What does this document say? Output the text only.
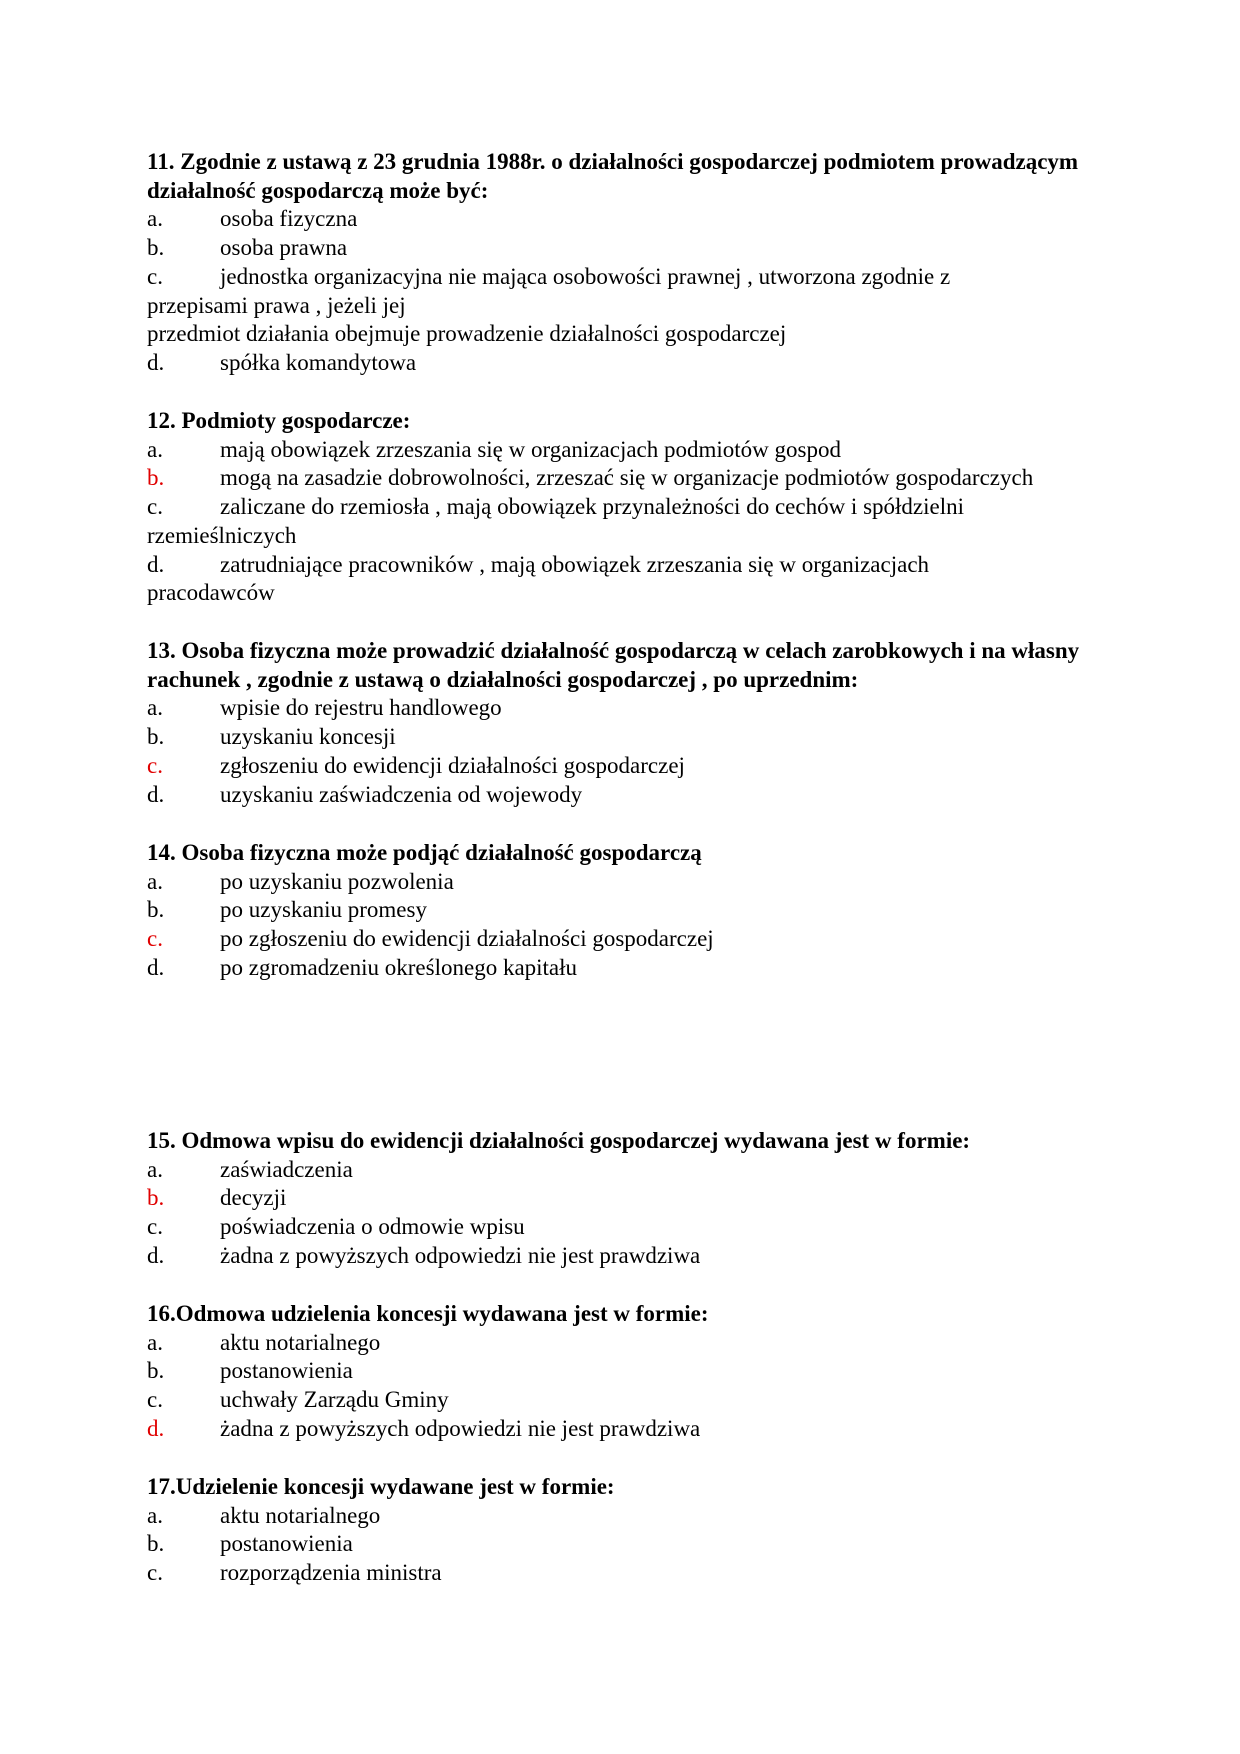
11. Zgodnie z ustawą z 23 grudnia 1988r. o działalności gospodarczej podmiotem prowadzącym działalność gospodarczą może być:
a.	osoba fizyczna
b.	osoba prawna
c.	jednostka organizacyjna nie mająca osobowości prawnej , utworzona zgodnie z
przepisami prawa , jeżeli jej
przedmiot działania obejmuje prowadzenie działalności gospodarczej
d.	spółka komandytowa
12. Podmioty gospodarcze:
a.	mają obowiązek zrzeszania się w organizacjach podmiotów gospod
b.	mogą na zasadzie dobrowolności, zrzeszać się w organizacje podmiotów gospodarczych
c.	zaliczane do rzemiosła , mają obowiązek przynależności do cechów i spółdzielni
rzemieślniczych
d.	zatrudniające pracowników , mają obowiązek zrzeszania się w organizacjach
pracodawców
13. Osoba fizyczna może prowadzić działalność gospodarczą w celach zarobkowych i na własny rachunek , zgodnie z ustawą o działalności gospodarczej , po uprzednim:
a.	wpisie do rejestru handlowego
b.	uzyskaniu koncesji
c.	zgłoszeniu do ewidencji działalności gospodarczej
d.	uzyskaniu zaświadczenia od wojewody
14. Osoba fizyczna może podjąć działalność gospodarczą
a.	po uzyskaniu pozwolenia
b.	po uzyskaniu promesy
c.	po zgłoszeniu do ewidencji działalności gospodarczej
d.	po zgromadzeniu określonego kapitału
15. Odmowa wpisu do ewidencji działalności gospodarczej wydawana jest w formie:
a.	zaświadczenia
b.	decyzji
c.	poświadczenia o odmowie wpisu
d.	żadna z powyższych odpowiedzi nie jest prawdziwa
16.Odmowa udzielenia koncesji wydawana jest w formie:
a.	aktu notarialnego
b.	postanowienia
c.	uchwały Zarządu Gminy
d.	żadna z powyższych odpowiedzi nie jest prawdziwa
17.Udzielenie koncesji wydawane jest w formie:
a.	aktu notarialnego
b.	postanowienia
c.	rozporządzenia ministra
